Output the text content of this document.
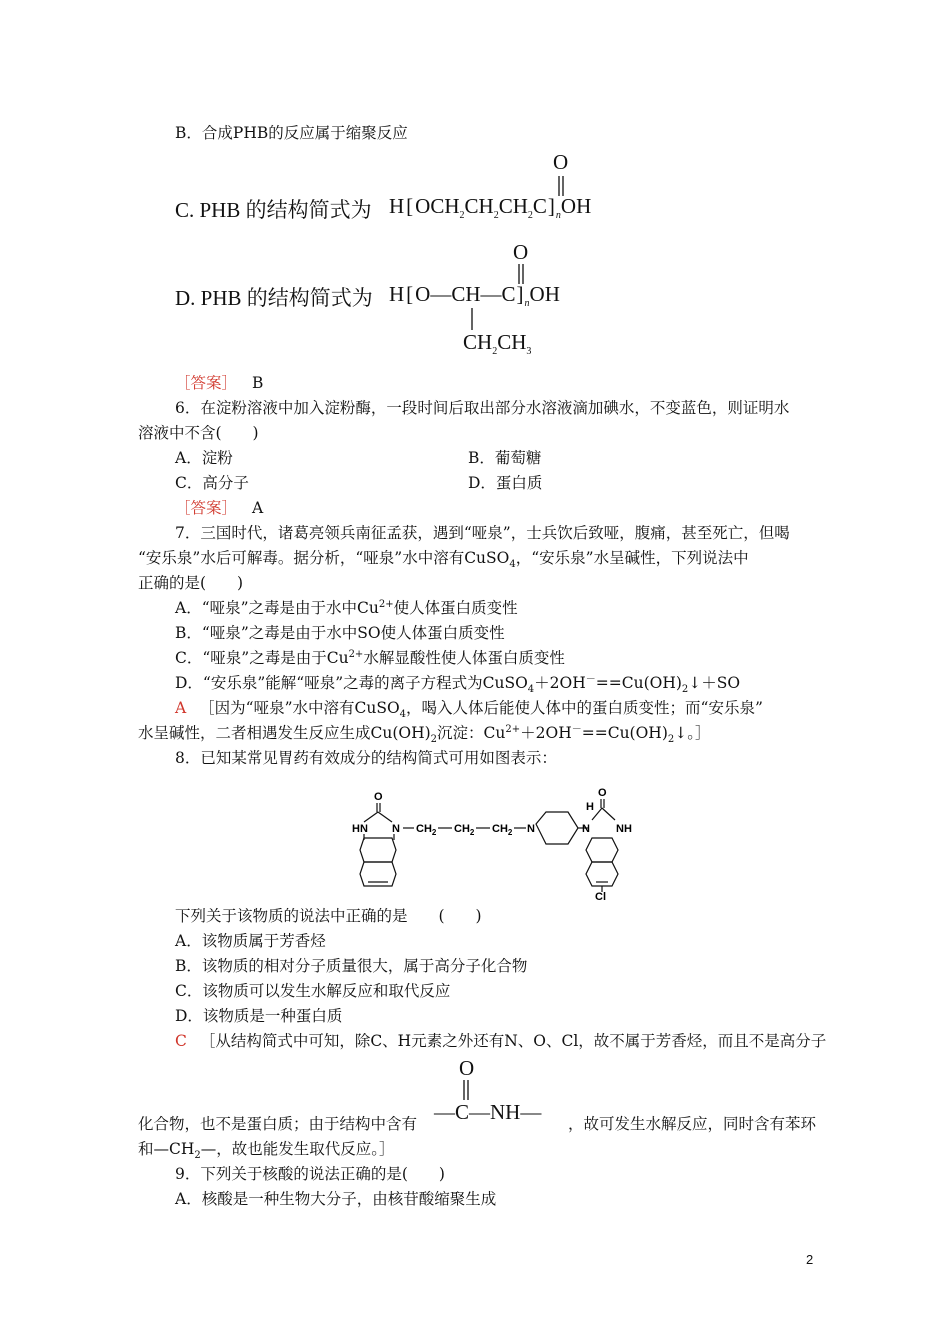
B．合成PHB的反应属于缩聚反应
C. PHB 的结构简式为 $H[OCH_2CH_2CH_2C]_nOH$
O
D. PHB 的结构简式为 $H[O—CH—C]_nOH$
O
$CH_2CH_3$
［答案］ B
6．在淀粉溶液中加入淀粉酶，一段时间后取出部分水溶液滴加碘水，不变蓝色，则证明水
溶液中不含(　　)
A．淀粉	B．葡萄糖
C．高分子	D．蛋白质
［答案］ A
7．三国时代，诸葛亮领兵南征孟获，遇到“哑泉”，士兵饮后致哑，腹痛，甚至死亡，但喝
“安乐泉”水后可解毒。据分析，“哑泉”水中溶有CuSO$_4$，“安乐泉”水呈碱性，下列说法中
正确的是(　　)
A．“哑泉”之毒是由于水中$Cu^{2+}$使人体蛋白质变性
B．“哑泉”之毒是由于水中SO使人体蛋白质变性
C．“哑泉”之毒是由于$Cu^{2+}$水解显酸性使人体蛋白质变性
D．“安乐泉”能解“哑泉”之毒的离子方程式为$CuSO_4+2OH^-==Cu(OH)_2↓+SO$
A ［因为“哑泉”水中溶有CuSO$_4$，喝入人体后能使人体中的蛋白质变性；而“安乐泉”
水呈碱性，二者相遇发生反应生成$Cu(OH)_2$沉淀：$Cu^{2+}+2OH^-==Cu(OH)_2↓$。］
8．已知某常见胃药有效成分的结构简式可用如图表示：
O
HN N $CH_2$ $CH_2$ $CH_2$ N
H
N
O
NH
Cl
下列关于该物质的说法中正确的是　　(　　)
A．该物质属于芳香烃
B．该物质的相对分子质量很大，属于高分子化合物
C．该物质可以发生水解反应和取代反应
D．该物质是一种蛋白质
C ［从结构简式中可知，除C、H元素之外还有N、O、Cl，故不属于芳香烃，而且不是高分子
O
—C—NH—
化合物，也不是蛋白质；由于结构中含有	，故可发生水解反应，同时含有苯环
和$—CH_2—$，故也能发生取代反应。］
9．下列关于核酸的说法正确的是(　　)
A．核酸是一种生物大分子，由核苷酸缩聚生成
2
